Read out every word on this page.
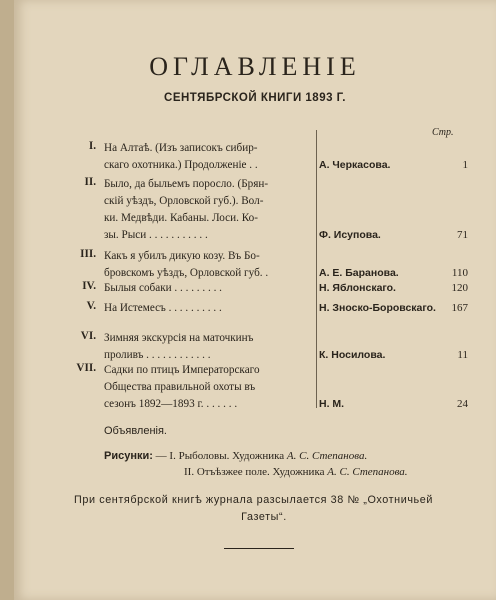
ОГЛАВЛЕНІЕ
СЕНТЯБРСКОЙ КНИГИ 1893 Г.
Стр.
I. На Алтаѣ. (Изъ записокъ сибир-
скаго охотника.) Продолженіе . .	А. Черкасова.	1
II. Было, да быльемъ поросло. (Брян-
скій уѣздъ, Орловской губ.). Вол-
ки. Медвѣди. Кабаны. Лоси. Ко-
зы. Рыси . . . . . . . . . . .	Ф. Исупова.	71
III. Какъ я убилъ дикую козу. Въ Бо-
бровскомъ уѣздъ, Орловской губ. .	А. Е. Баранова.	110
IV. Былыя собаки . . . . . . . . .	Н. Яблонскаго.	120
V. На Истемесъ . . . . . . . . . .	Н. Зноско-Боровскаго.	167
VI. Зимняя экскурсія на маточкинъ
проливъ . . . . . . . . . . . .	К. Носилова.	11
VII. Садки по птицъ Императорскаго
Общества правильной охоты въ
сезонъ 1892—1893 г. . . . . . .	Н. М.	24
Объявленія.
Рисунки: — I. Рыболовы. Художника А. С. Степанова.
II. Отъѣзжее поле. Художника А. С. Степанова.
При сентябрской книгѣ журнала разсылается 38 № „Охотничьей
Газеты“.
